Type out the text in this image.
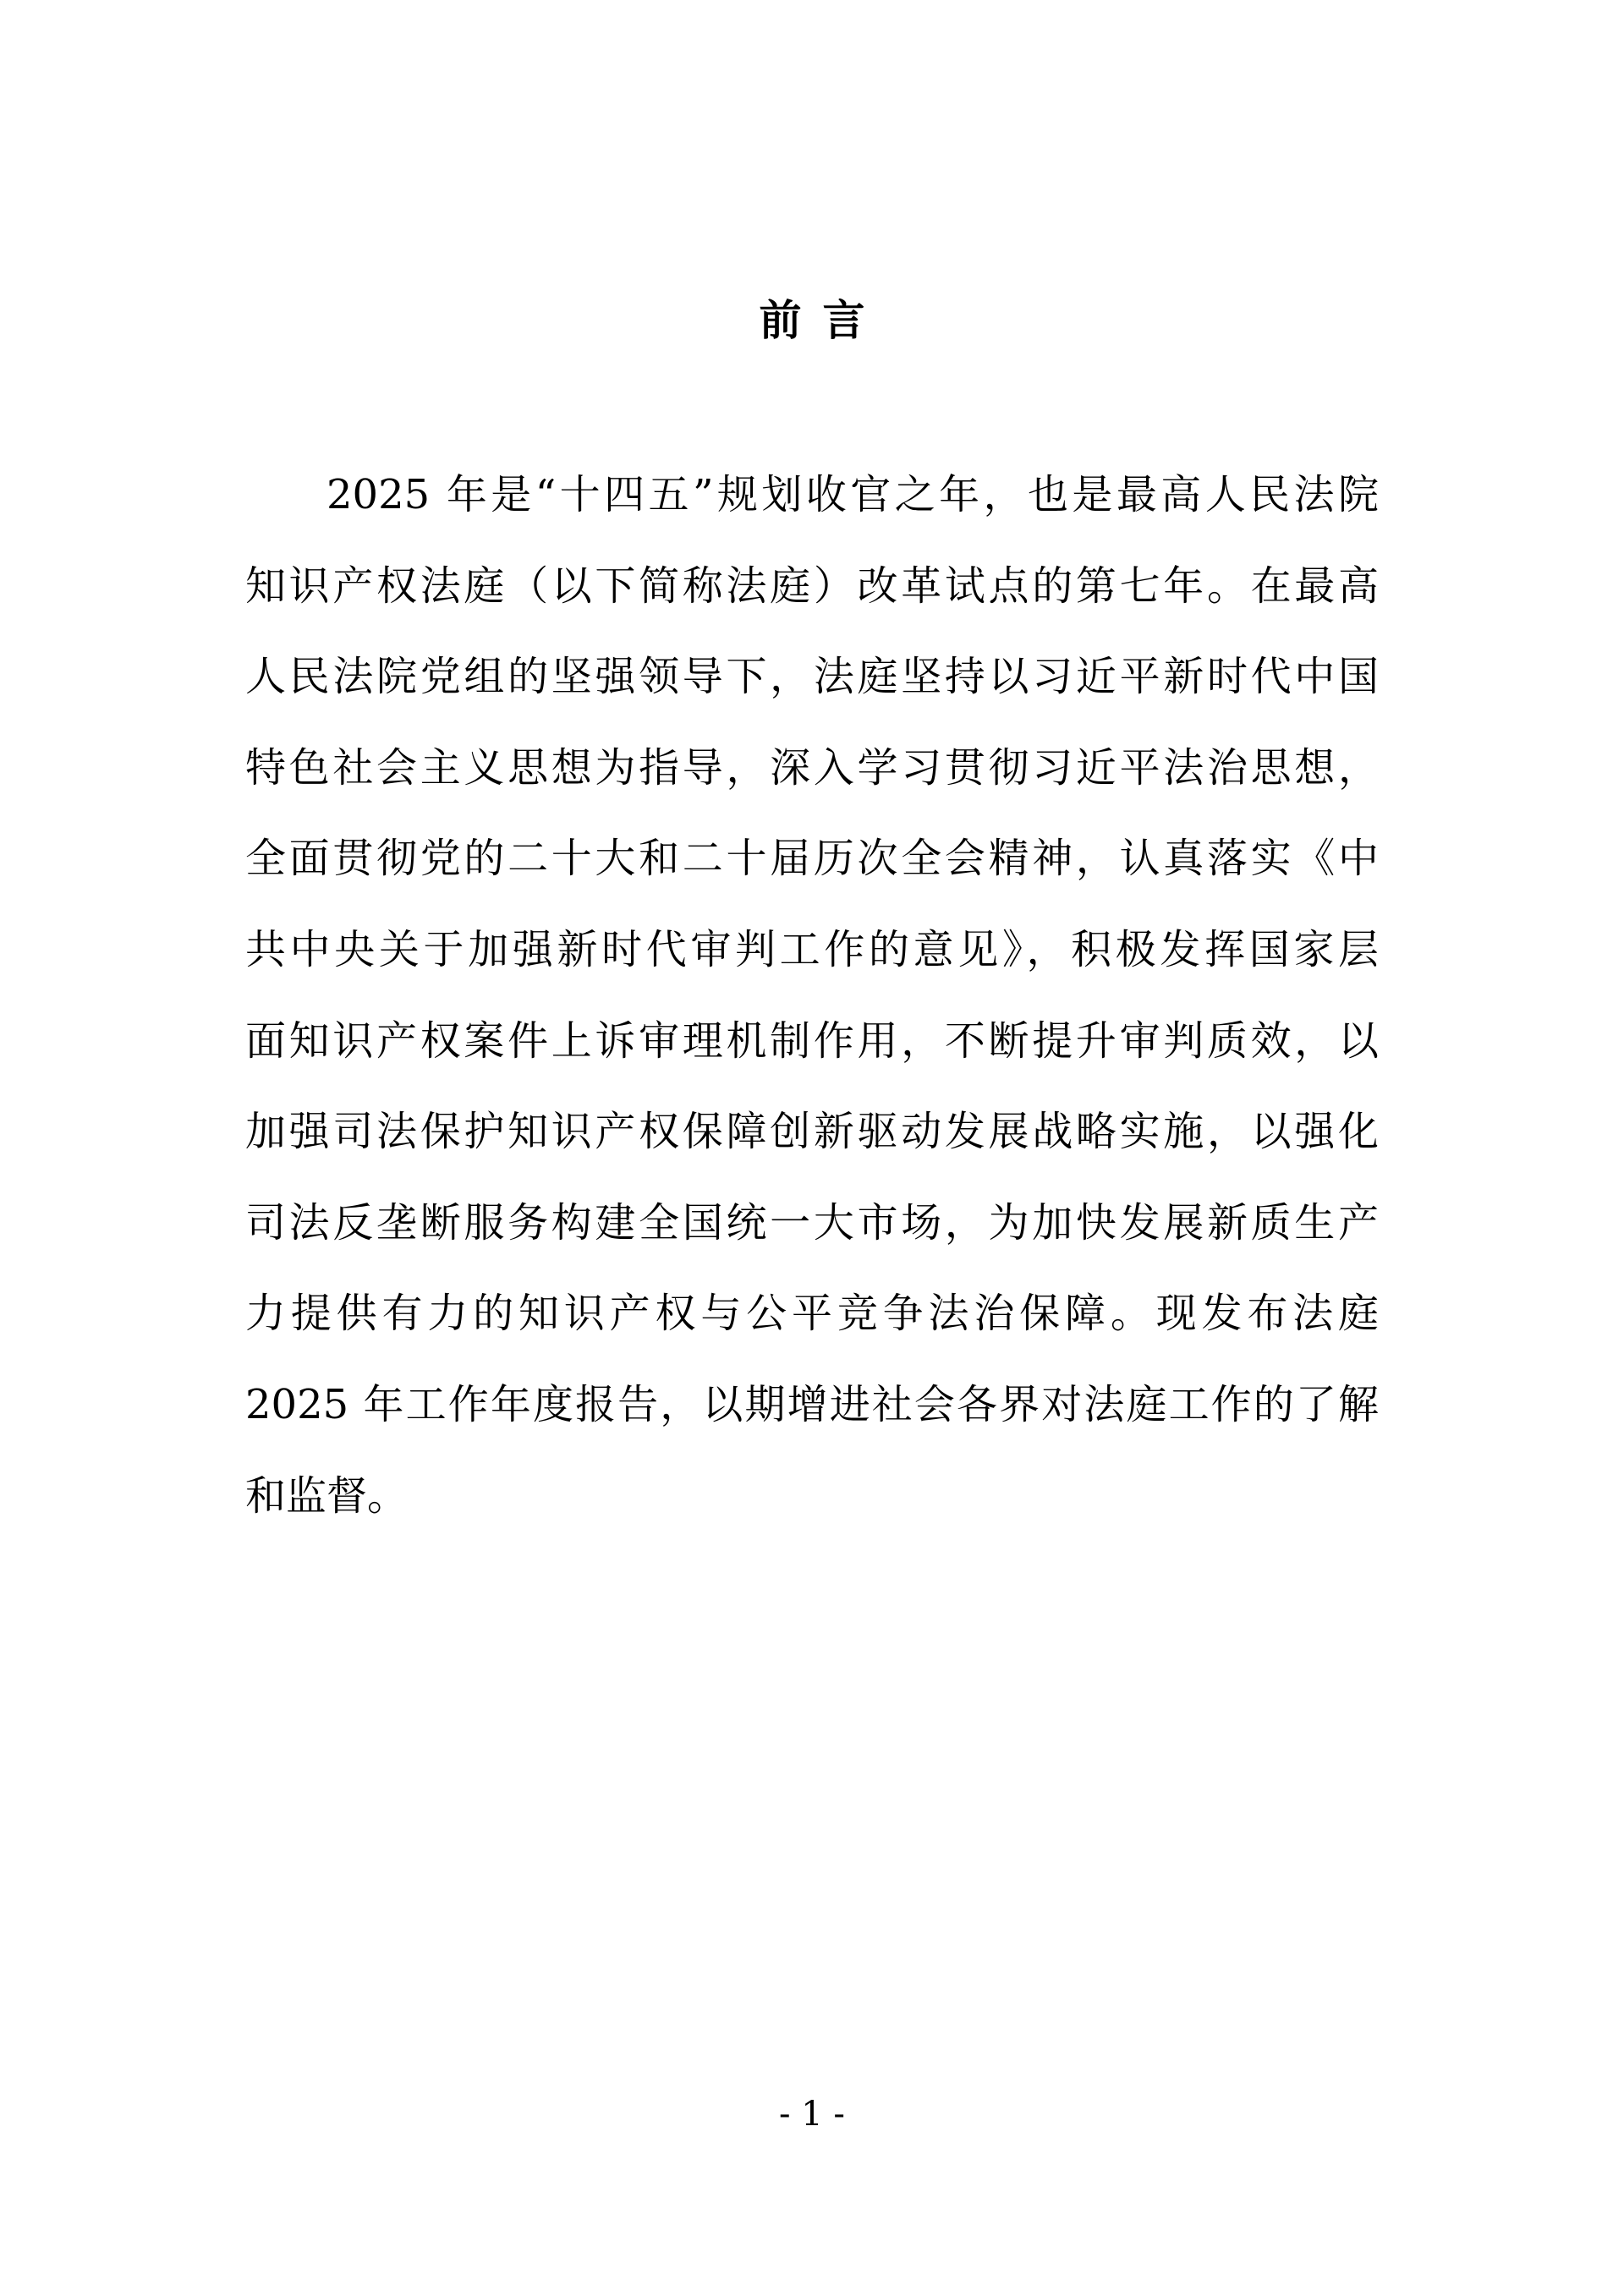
前 言
2025 年是“十四五”规划收官之年，也是最高人民法院
知识产权法庭（以下简称法庭）改革试点的第七年。在最高
人民法院党组的坚强领导下，法庭坚持以习近平新时代中国
特色社会主义思想为指导，深入学习贯彻习近平法治思想，
全面贯彻党的二十大和二十届历次全会精神，认真落实《中
共中央关于加强新时代审判工作的意见》，积极发挥国家层
面知识产权案件上诉审理机制作用，不断提升审判质效，以
加强司法保护知识产权保障创新驱动发展战略实施，以强化
司法反垄断服务构建全国统一大市场，为加快发展新质生产
力提供有力的知识产权与公平竞争法治保障。现发布法庭
2025 年工作年度报告，以期增进社会各界对法庭工作的了解
和监督。
- 1 -
